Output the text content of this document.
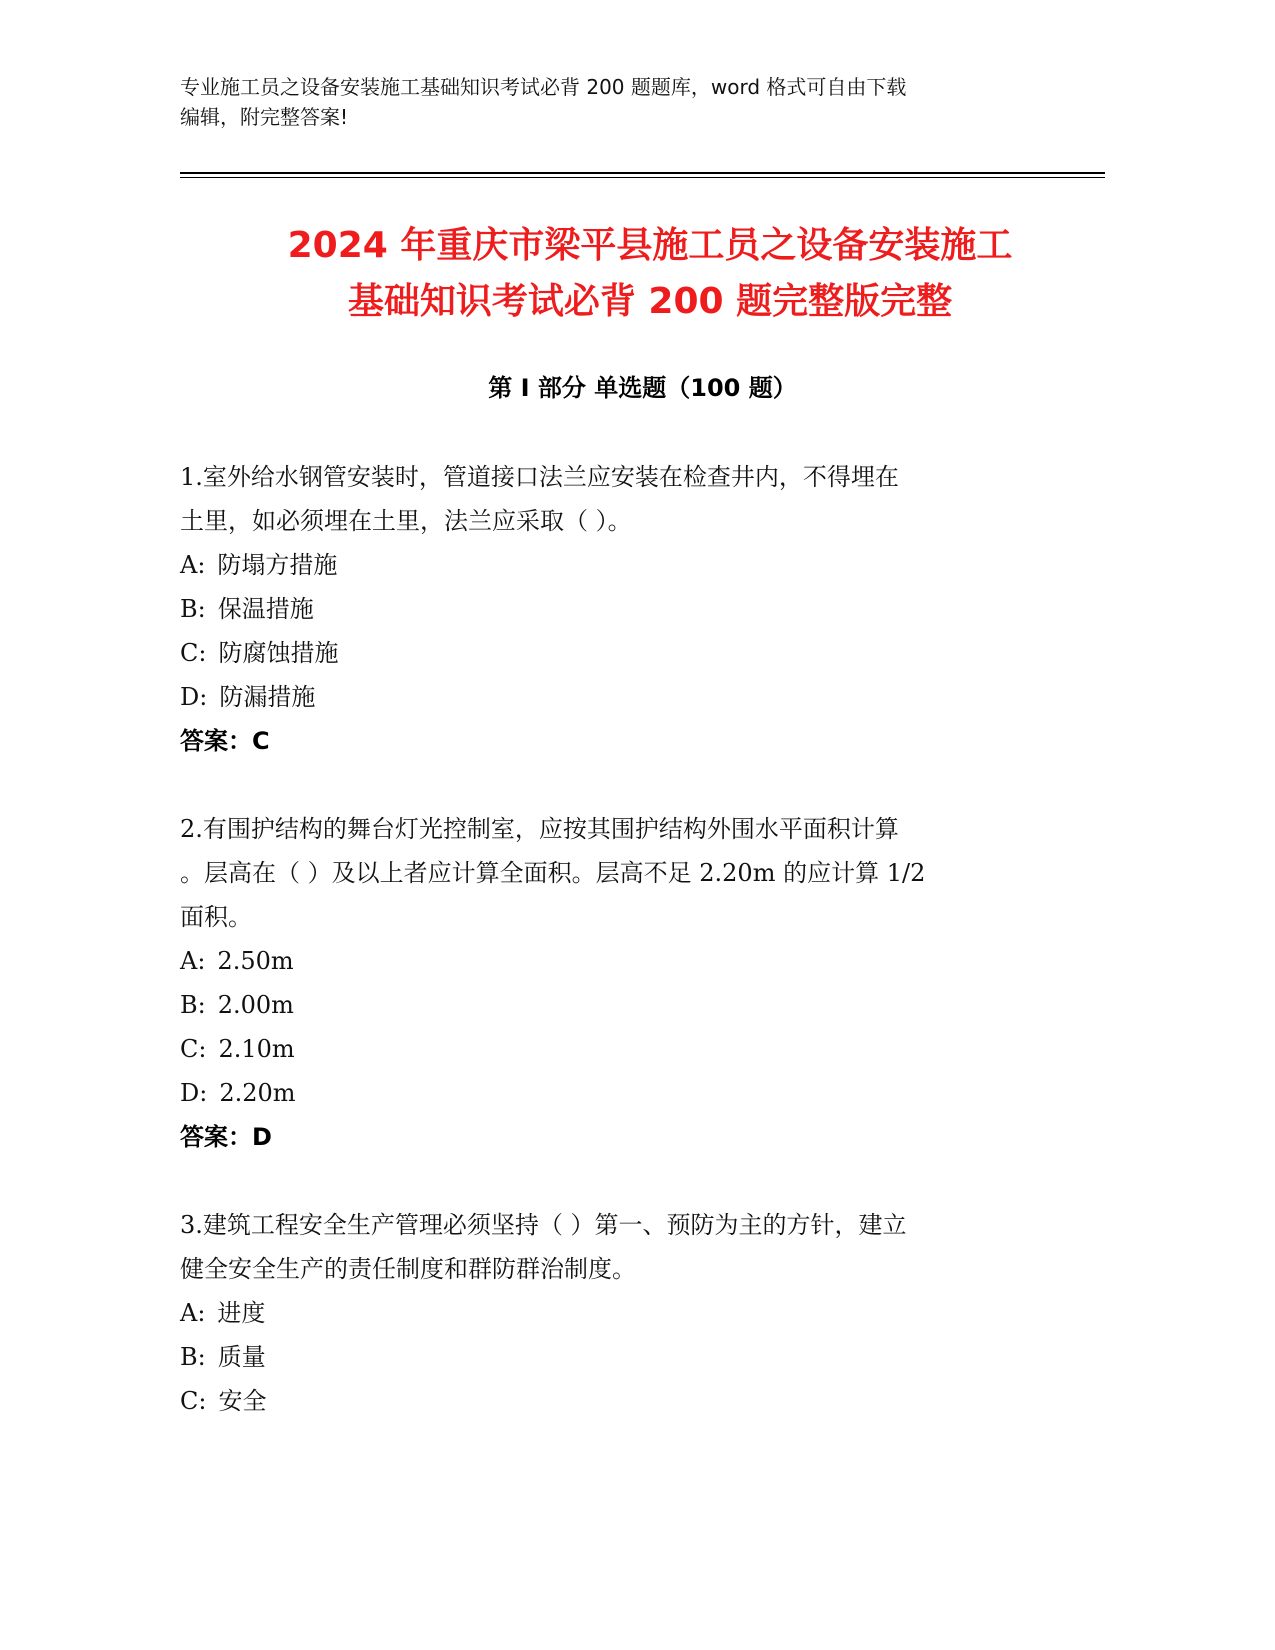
专业施工员之设备安装施工基础知识考试必背 200 题题库，word 格式可自由下载

编辑，附完整答案!

2024 年重庆市梁平县施工员之设备安装施工

基础知识考试必背 200 题完整版完整

第 I 部分 单选题（100 题）

1.室外给水钢管安装时，管道接口法兰应安装在检查井内，不得埋在

土里，如必须埋在土里，法兰应采取（ ）。

A: 防塌方措施

B: 保温措施

C: 防腐蚀措施

D: 防漏措施

答案：C

2.有围护结构的舞台灯光控制室，应按其围护结构外围水平面积计算

。层高在（ ）及以上者应计算全面积。层高不足 2.20m 的应计算 1/2

面积。

A: 2.50m

B: 2.00m

C: 2.10m

D: 2.20m

答案：D

3.建筑工程安全生产管理必须坚持（ ）第一、预防为主的方针，建立

健全安全生产的责任制度和群防群治制度。

A: 进度

B: 质量

C: 安全
